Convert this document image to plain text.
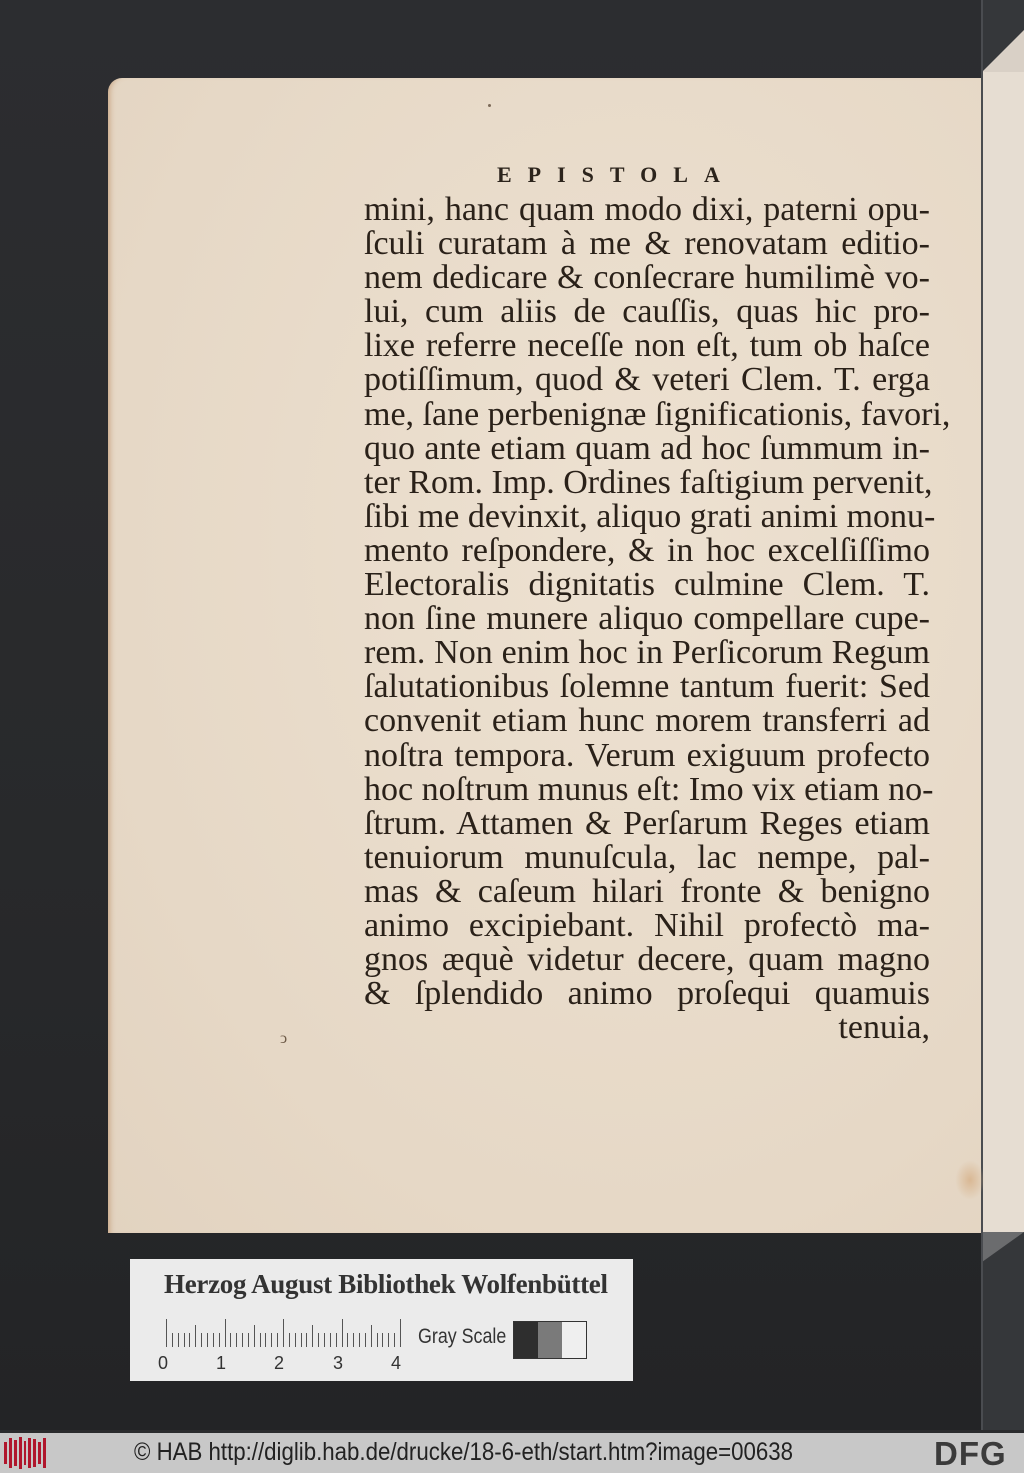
EPISTOLA
mini, hanc quam modo dixi, paterni opu-
ſculi curatam à me & renovatam editio-
nem dedicare & conſecrare humilimè vo-
lui, cum aliis de cauſſis, quas hic pro-
lixe referre neceſſe non eſt, tum ob haſce
potiſſimum, quod & veteri Clem. T. erga
me, ſane perbenignæ ſignificationis, favori,
quo ante etiam quam ad hoc ſummum in-
ter Rom. Imp. Ordines faſtigium pervenit,
ſibi me devinxit, aliquo grati animi monu-
mento reſpondere, & in hoc excelſiſſimo
Electoralis dignitatis culmine Clem. T.
non ſine munere aliquo compellare cupe-
rem. Non enim hoc in Perſicorum Regum
ſalutationibus ſolemne tantum fuerit: Sed
convenit etiam hunc morem transferri ad
noſtra tempora. Verum exiguum profecto
hoc noſtrum munus eſt: Imo vix etiam no-
ſtrum. Attamen & Perſarum Reges etiam
tenuiorum munuſcula, lac nempe, pal-
mas & caſeum hilari fronte & benigno
animo excipiebant. Nihil profectò ma-
gnos æquè videtur decere, quam magno
& ſplendido animo proſequi quamuis
tenuia,
ↄ
Herzog August Bibliothek Wolfenbüttel
0	1	2	3	4
Gray Scale
© HAB http://diglib.hab.de/drucke/18-6-eth/start.htm?image=00638	DFG
